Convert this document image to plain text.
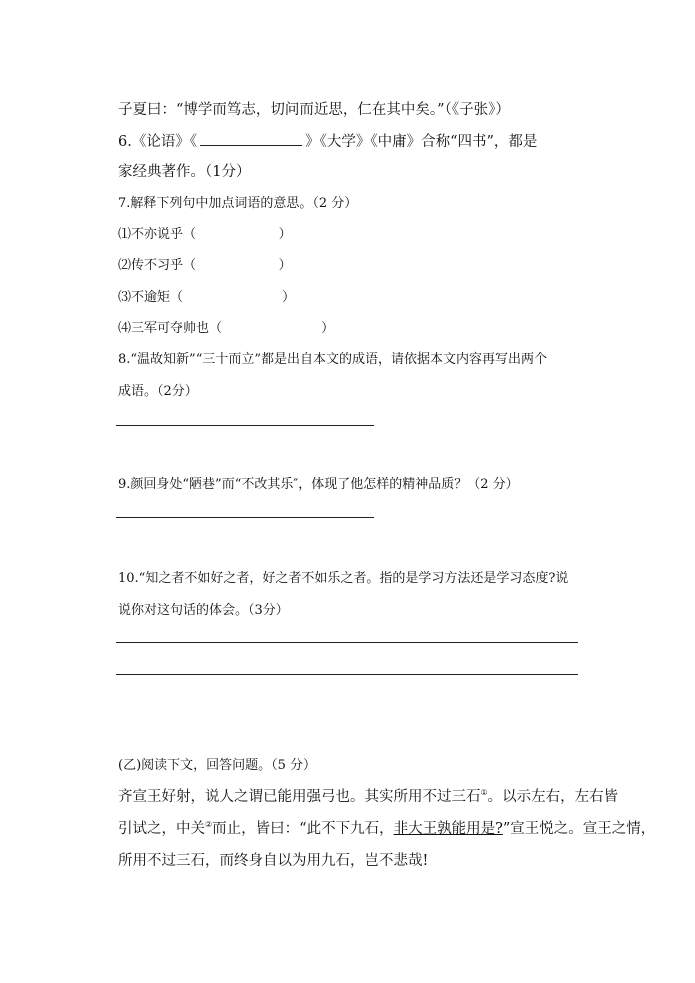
子夏曰：“博学而笃志，切问而近思，仁在其中矣。”（《子张》）
6.《论语》《	》《大学》《中庸》合称“四书”，都是
家经典著作。（1分）
7.解释下列句中加点词语的意思。（2 分）
⑴不亦说乎（                    ）
⑵传不习乎（                    ）
⑶不逾矩（                        ）
⑷三军可夺帅也（                        ）
8.“温故知新”“三十而立”都是出自本文的成语，请依据本文内容再写出两个
成语。（2分）
9.颜回身处“陋巷”而“不改其乐″，体现了他怎样的精神品质？（2 分）
10.“知之者不如好之者，好之者不如乐之者。指的是学习方法还是学习态度?说
说你对这句话的体会。（3分）
(乙)阅读下文，回答问题。（5 分）
齐宣王好射，说人之谓已能用强弓也。其实所用不过三石①。以示左右，左右皆
引试之，中关②而止，皆曰：“此不下九石，非大王孰能用是?”宣王悦之。宣王之情，
所用不过三石，而终身自以为用九石，岂不悲哉!
